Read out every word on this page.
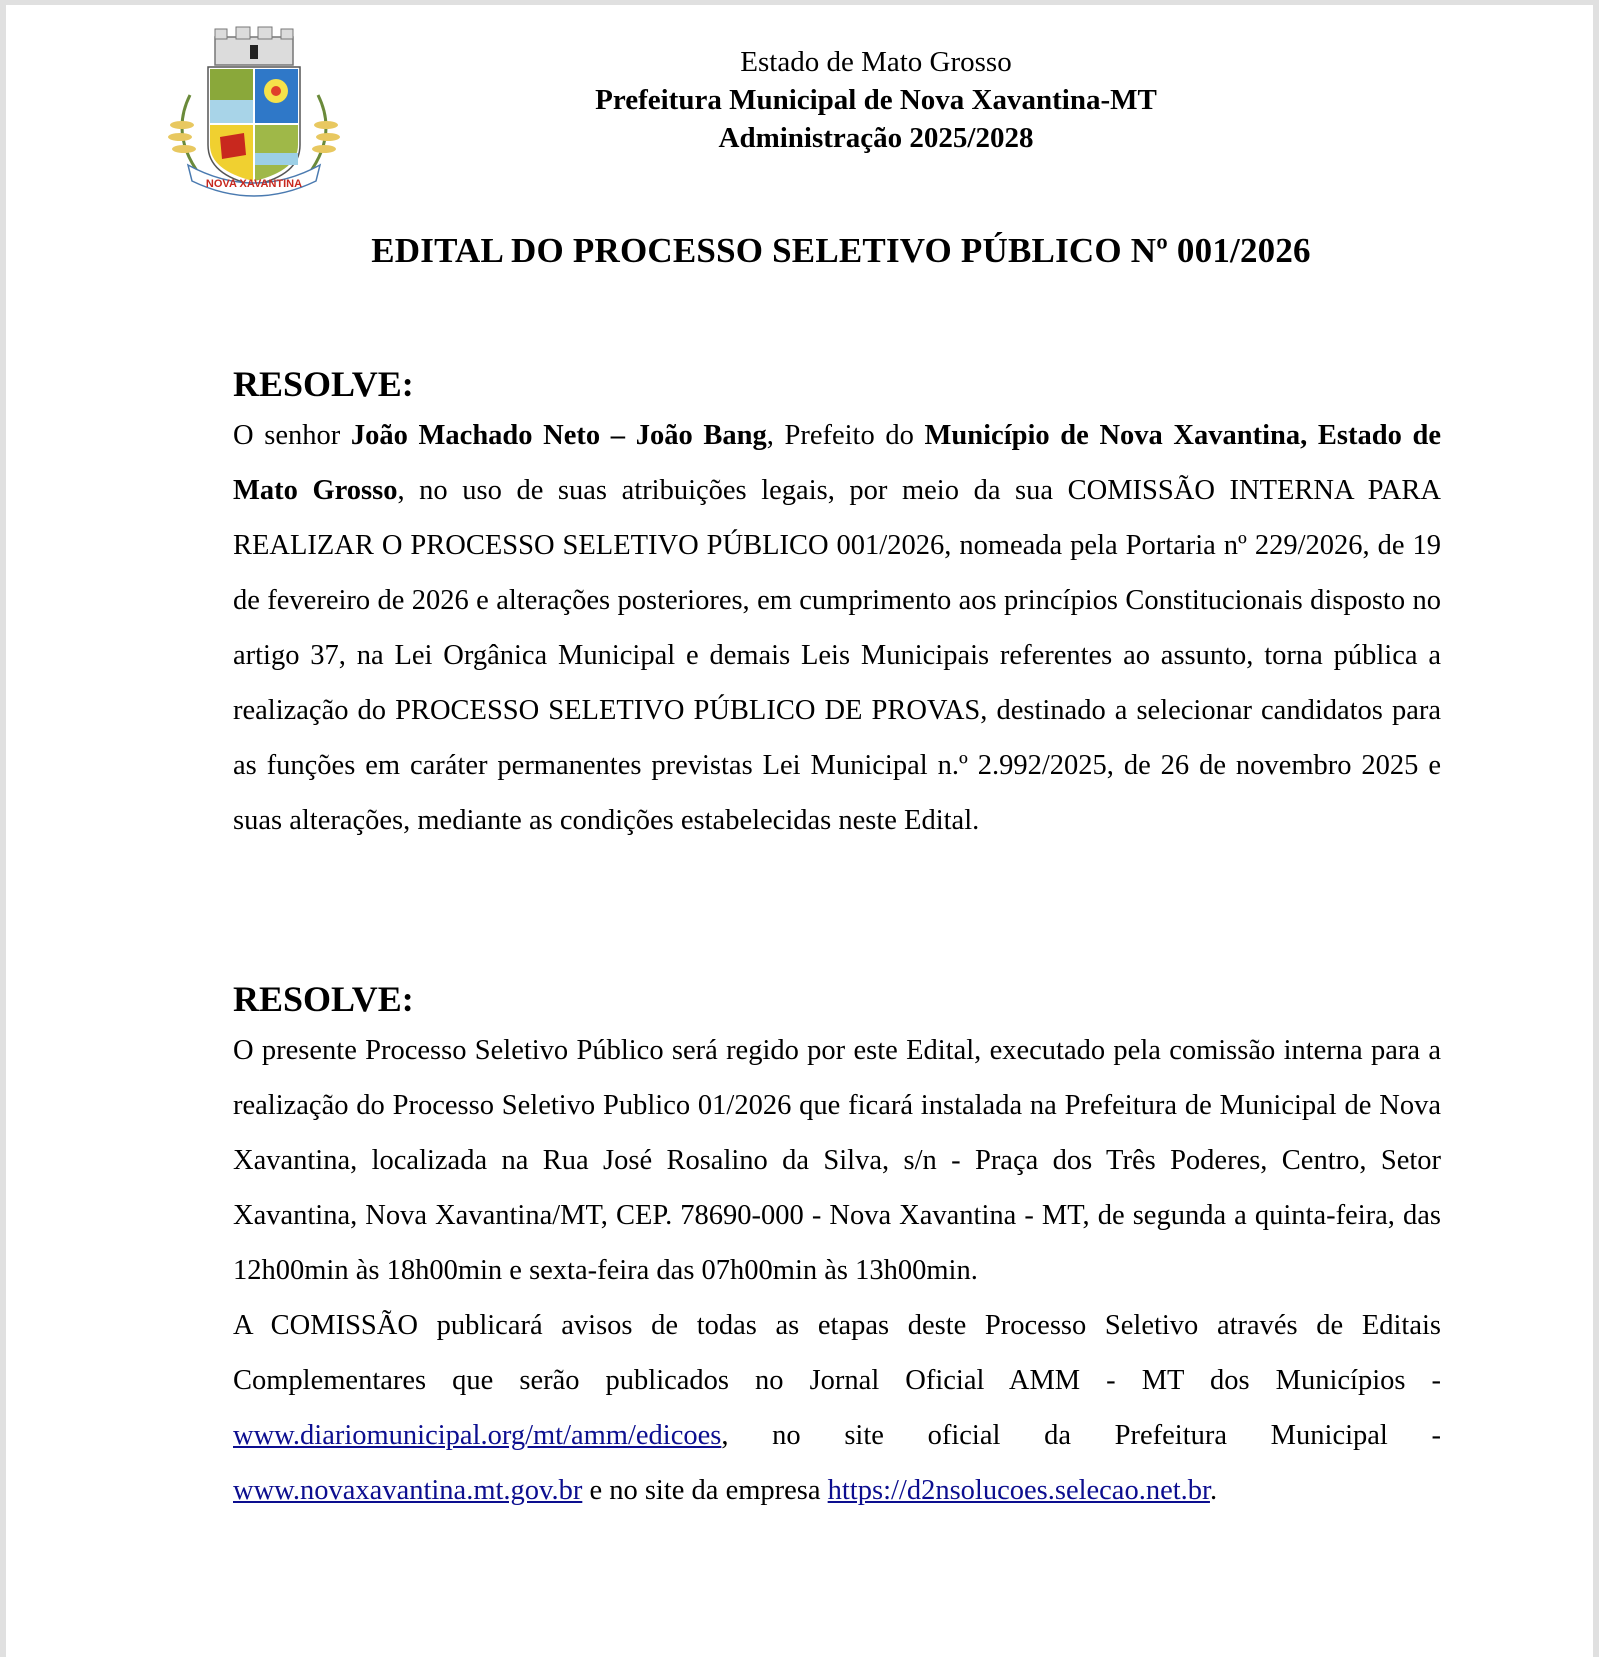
NOVA XAVANTINA
Estado de Mato Grosso
Prefeitura Municipal de Nova Xavantina-MT
Administração 2025/2028
EDITAL DO PROCESSO SELETIVO PÚBLICO Nº 001/2026
RESOLVE:

O senhor João Machado Neto – João Bang, Prefeito do Município de Nova Xavantina, Estado de Mato Grosso, no uso de suas atribuições legais, por meio da sua COMISSÃO INTERNA PARA REALIZAR O PROCESSO SELETIVO PÚBLICO 001/2026, nomeada pela Portaria nº 229/2026, de 19 de fevereiro de 2026 e alterações posteriores, em cumprimento aos princípios Constitucionais disposto no artigo 37, na Lei Orgânica Municipal e demais Leis Municipais referentes ao assunto, torna pública a realização do PROCESSO SELETIVO PÚBLICO DE PROVAS, destinado a selecionar candidatos para as funções em caráter permanentes previstas Lei Municipal n.º 2.992/2025, de 26 de novembro 2025 e suas alterações, mediante as condições estabelecidas neste Edital.

RESOLVE:

O presente Processo Seletivo Público será regido por este Edital, executado pela comissão interna para a realização do Processo Seletivo Publico 01/2026 que ficará instalada na Prefeitura de Municipal de Nova Xavantina, localizada na Rua José Rosalino da Silva, s/n - Praça dos Três Poderes, Centro, Setor Xavantina, Nova Xavantina/MT, CEP. 78690-000 - Nova Xavantina - MT, de segunda a quinta-feira, das 12h00min às 18h00min e sexta-feira das 07h00min às 13h00min.

A COMISSÃO publicará avisos de todas as etapas deste Processo Seletivo através de Editais Complementares que serão publicados no Jornal Oficial AMM - MT dos Municípios - www.diariomunicipal.org/mt/amm/edicoes, no site oficial da Prefeitura Municipal - www.novaxavantina.mt.gov.br e no site da empresa https://d2nsolucoes.selecao.net.br.
